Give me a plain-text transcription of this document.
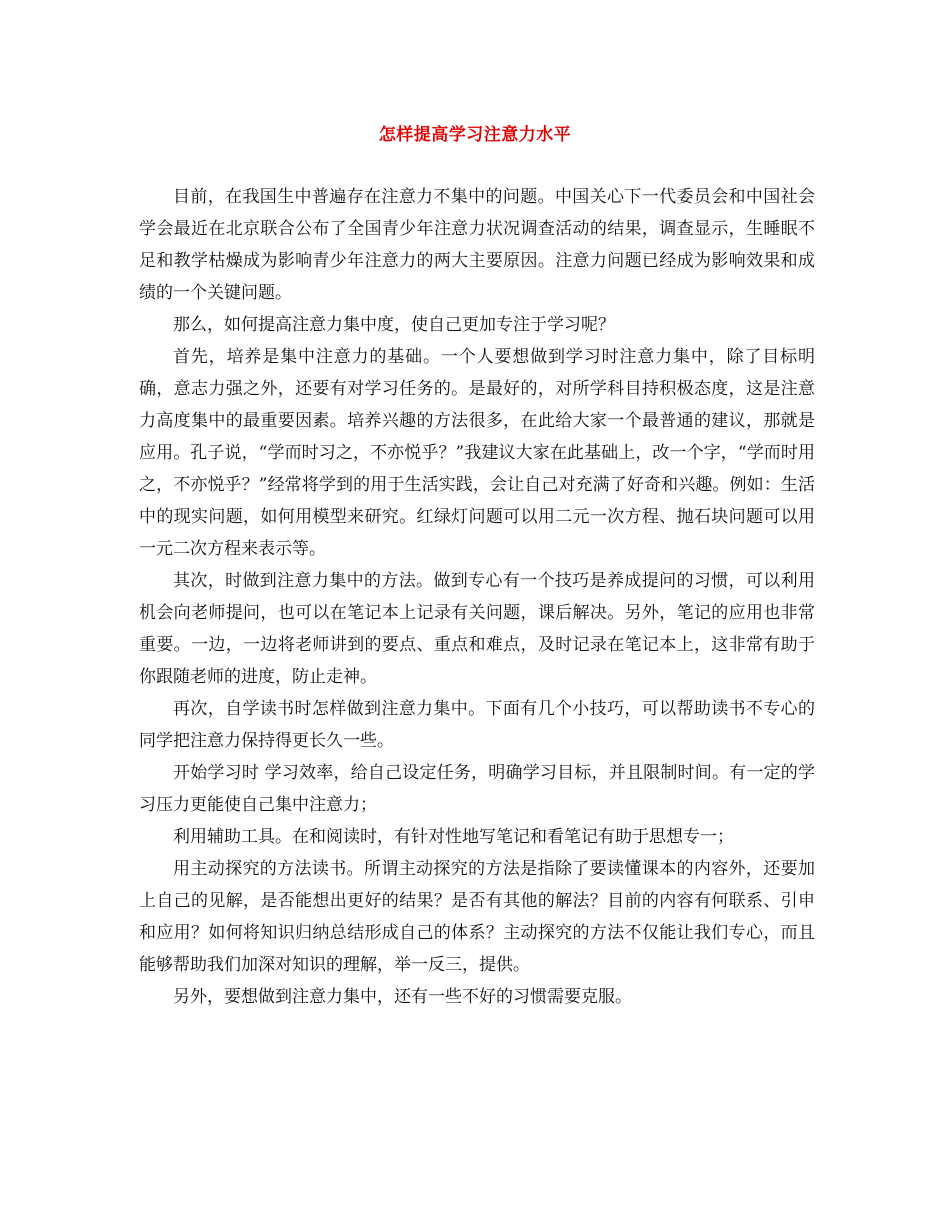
怎样提高学习注意力水平

目前，在我国生中普遍存在注意力不集中的问题。中国关心下一代委员会和中国社会学会最近在北京联合公布了全国青少年注意力状况调查活动的结果，调查显示，生睡眠不足和教学枯燥成为影响青少年注意力的两大主要原因。注意力问题已经成为影响效果和成绩的一个关键问题。

那么，如何提高注意力集中度，使自己更加专注于学习呢？

首先，培养是集中注意力的基础。一个人要想做到学习时注意力集中，除了目标明确，意志力强之外，还要有对学习任务的。是最好的，对所学科目持积极态度，这是注意力高度集中的最重要因素。培养兴趣的方法很多，在此给大家一个最普通的建议，那就是应用。孔子说，“学而时习之，不亦悦乎？”我建议大家在此基础上，改一个字，“学而时用之，不亦悦乎？”经常将学到的用于生活实践，会让自己对充满了好奇和兴趣。例如：生活中的现实问题，如何用模型来研究。红绿灯问题可以用二元一次方程、抛石块问题可以用一元二次方程来表示等。

其次，时做到注意力集中的方法。做到专心有一个技巧是养成提问的习惯，可以利用机会向老师提问，也可以在笔记本上记录有关问题，课后解决。另外，笔记的应用也非常重要。一边，一边将老师讲到的要点、重点和难点，及时记录在笔记本上，这非常有助于你跟随老师的进度，防止走神。

再次，自学读书时怎样做到注意力集中。下面有几个小技巧，可以帮助读书不专心的同学把注意力保持得更长久一些。

开始学习时 学习效率，给自己设定任务，明确学习目标，并且限制时间。有一定的学习压力更能使自己集中注意力；

利用辅助工具。在和阅读时，有针对性地写笔记和看笔记有助于思想专一；

用主动探究的方法读书。所谓主动探究的方法是指除了要读懂课本的内容外，还要加上自己的见解，是否能想出更好的结果？是否有其他的解法？目前的内容有何联系、引申和应用？如何将知识归纳总结形成自己的体系？主动探究的方法不仅能让我们专心，而且能够帮助我们加深对知识的理解，举一反三，提供。

另外，要想做到注意力集中，还有一些不好的习惯需要克服。
